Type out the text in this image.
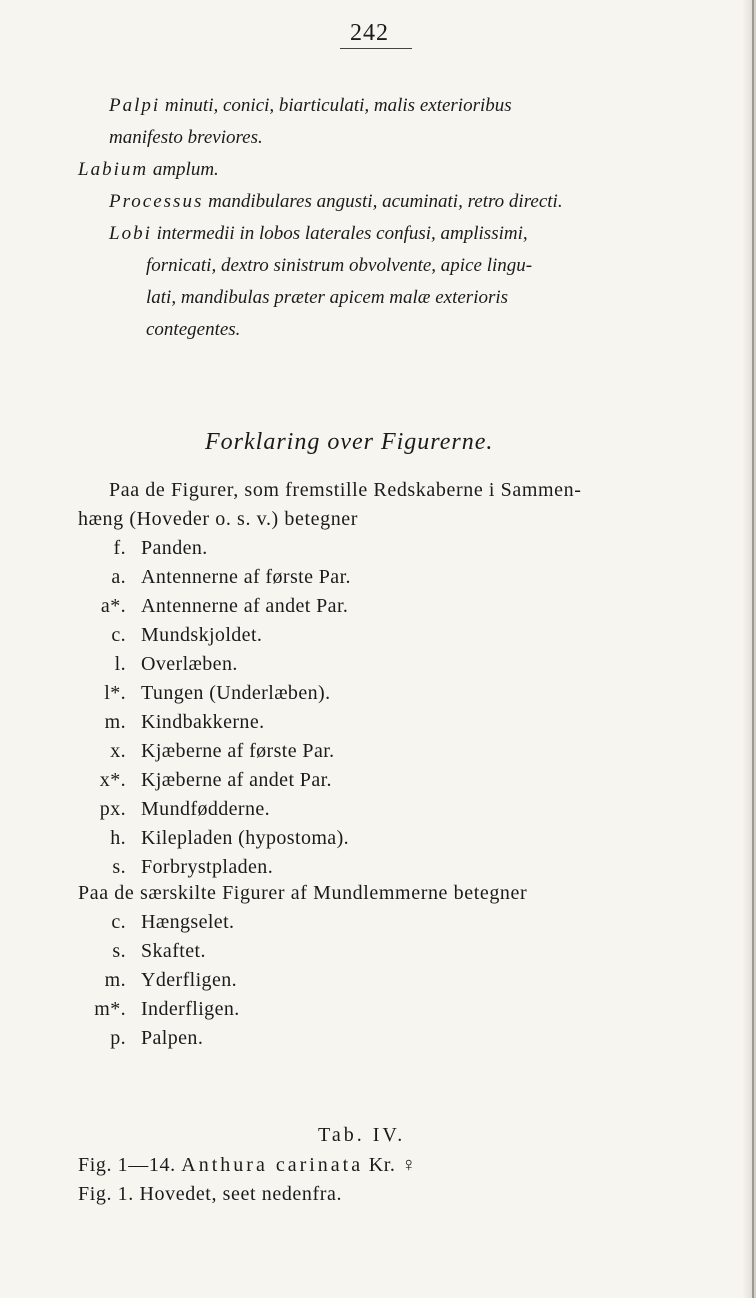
242
Palpi minuti, conici, biarticulati, malis exterioribus
manifesto breviores.
Labium amplum.
Processus mandibulares angusti, acuminati, retro directi.
Lobi intermedii in lobos laterales confusi, amplissimi,
fornicati, dextro sinistrum obvolvente, apice lingu-
lati, mandibulas præter apicem malæ exterioris
contegentes.
Forklaring over Figurerne.
Paa de Figurer, som fremstille Redskaberne i Sammen-
hæng (Hoveder o. s. v.) betegner
f. Panden.
a. Antennerne af første Par.
a*. Antennerne af andet Par.
c. Mundskjoldet.
l. Overlæben.
l*. Tungen (Underlæben).
m. Kindbakkerne.
x. Kjæberne af første Par.
x*. Kjæberne af andet Par.
px. Mundfødderne.
h. Kilepladen (hypostoma).
s. Forbrystpladen.
Paa de særskilte Figurer af Mundlemmerne betegner
c. Hængselet.
s. Skaftet.
m. Yderfligen.
m*. Inderfligen.
p. Palpen.
Tab. IV.
Fig. 1—14. Anthura carinata Kr. ♀
Fig. 1. Hovedet, seet nedenfra.
